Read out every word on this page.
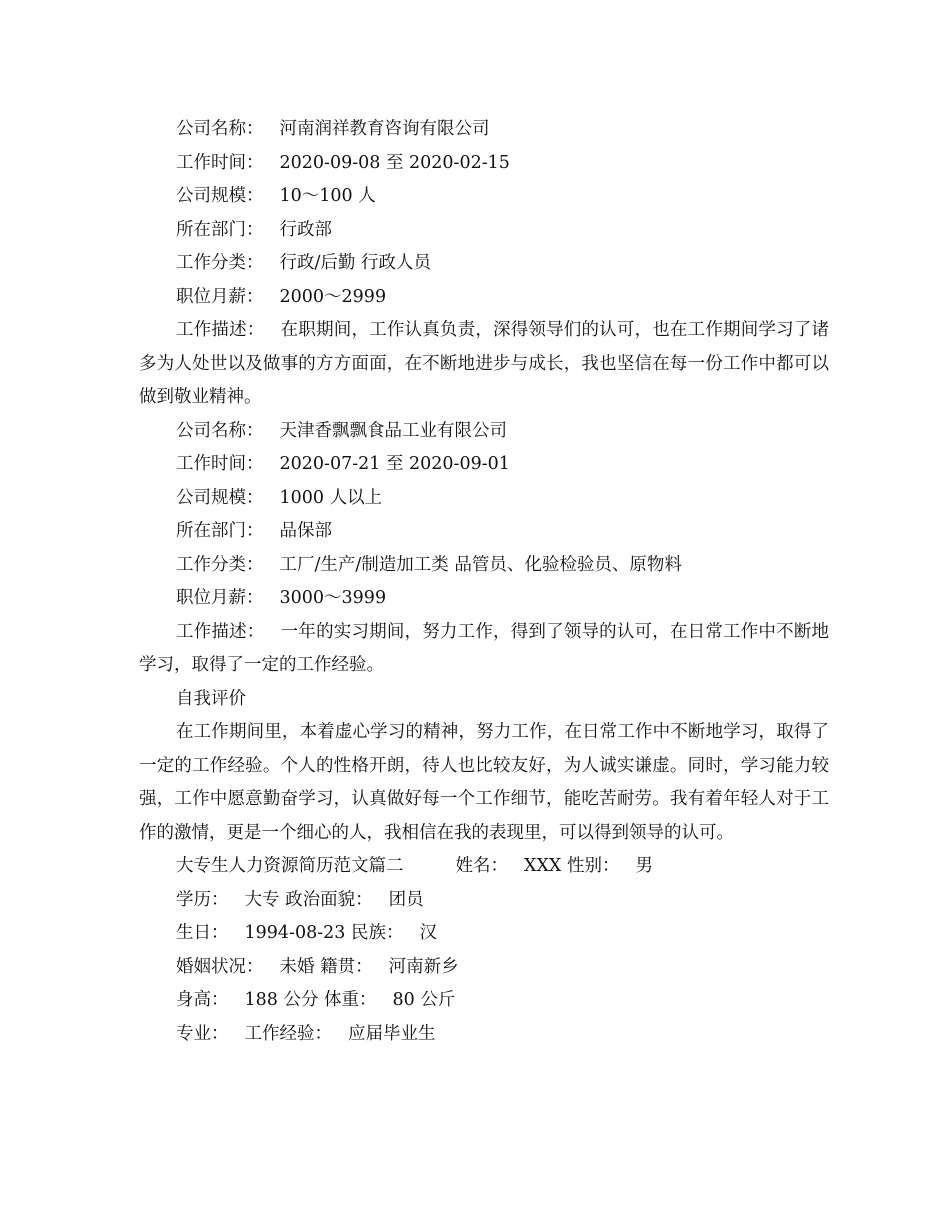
公司名称： 河南润祥教育咨询有限公司
工作时间： 2020-09-08 至 2020-02-15
公司规模： 10～100 人
所在部门： 行政部
工作分类： 行政/后勤 行政人员
职位月薪： 2000～2999
工作描述： 在职期间，工作认真负责，深得领导们的认可，也在工作期间学习了诸多为人处世以及做事的方方面面，在不断地进步与成长，我也坚信在每一份工作中都可以做到敬业精神。
公司名称： 天津香飘飘食品工业有限公司
工作时间： 2020-07-21 至 2020-09-01
公司规模： 1000 人以上
所在部门： 品保部
工作分类： 工厂/生产/制造加工类 品管员、化验检验员、原物料
职位月薪： 3000～3999
工作描述： 一年的实习期间，努力工作，得到了领导的认可，在日常工作中不断地学习，取得了一定的工作经验。
自我评价
在工作期间里，本着虚心学习的精神，努力工作，在日常工作中不断地学习，取得了一定的工作经验。个人的性格开朗，待人也比较友好，为人诚实谦虚。同时，学习能力较强，工作中愿意勤奋学习，认真做好每一个工作细节，能吃苦耐劳。我有着年轻人对于工作的激情，更是一个细心的人，我相信在我的表现里，可以得到领导的认可。
大专生人力资源简历范文篇二	姓名： XXX 性别： 男
学历： 大专 政治面貌： 团员
生日： 1994-08-23 民族： 汉
婚姻状况： 未婚 籍贯： 河南新乡
身高： 188 公分 体重： 80 公斤
专业： 工作经验： 应届毕业生
